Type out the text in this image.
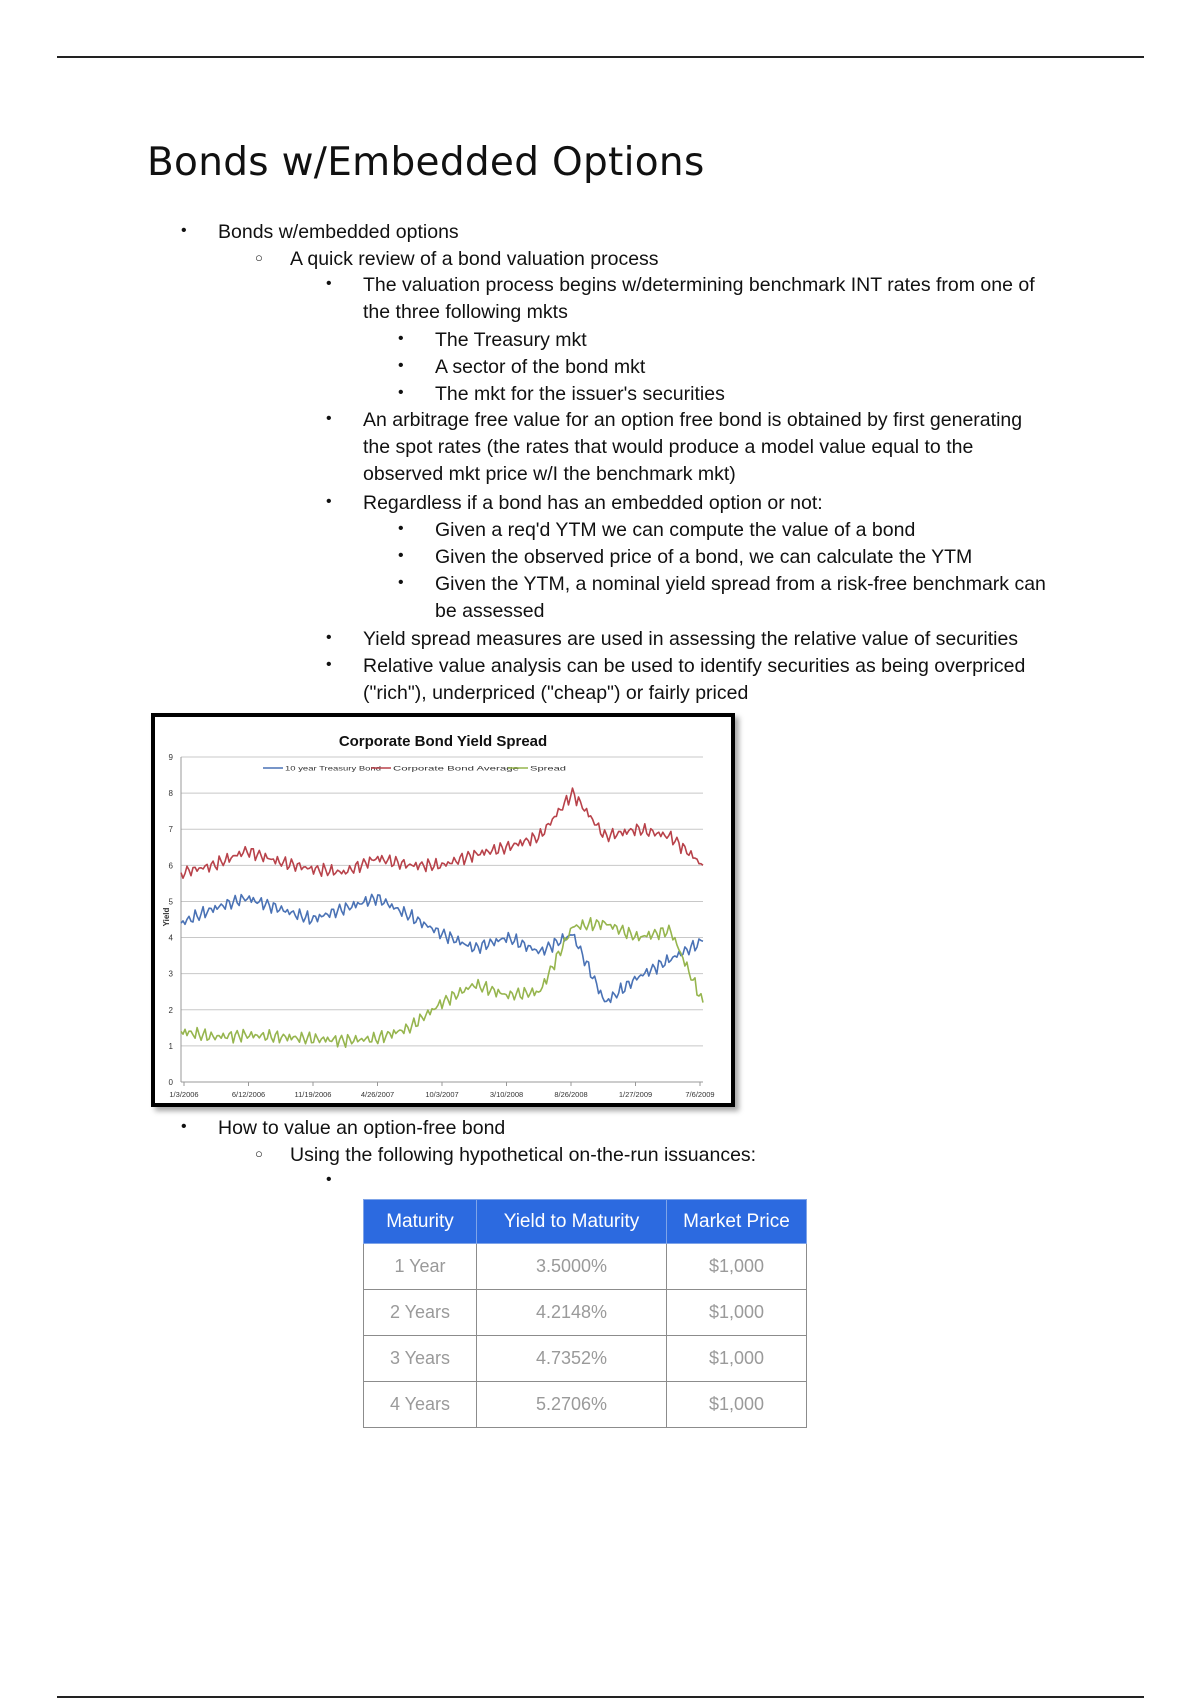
Bonds w/Embedded Options
• Bonds w/embedded options
○ A quick review of a bond valuation process
• The valuation process begins w/determining benchmark INT rates from one of
the three following mkts
• The Treasury mkt
• A sector of the bond mkt
• The mkt for the issuer's securities
• An arbitrage free value for an option free bond is obtained by first generating
the spot rates (the rates that would produce a model value equal to the
observed mkt price w/I the benchmark mkt)
• Regardless if a bond has an embedded option or not:
• Given a req'd YTM we can compute the value of a bond
• Given the observed price of a bond, we can calculate the YTM
• Given the YTM, a nominal yield spread from a risk-free benchmark can
be assessed
• Yield spread measures are used in assessing the relative value of securities
• Relative value analysis can be used to identify securities as being overpriced
("rich"), underpriced ("cheap") or fairly priced
Corporate Bond Yield Spread
0
1
2
3
4
5
6
7
8
9
1/3/2006	6/12/2006	11/19/2006	4/26/2007	10/3/2007	3/10/2008	8/26/2008	1/27/2009	7/6/2009
10 year Treasury Bond Corporate Bond Average Spread
Yield
• How to value an option-free bond
○ Using the following hypothetical on-the-run issuances:
•
Maturity	Yield to Maturity	Market Price
1 Year	3.5000%	$1,000
2 Years	4.2148%	$1,000
3 Years	4.7352%	$1,000
4 Years	5.2706%	$1,000
